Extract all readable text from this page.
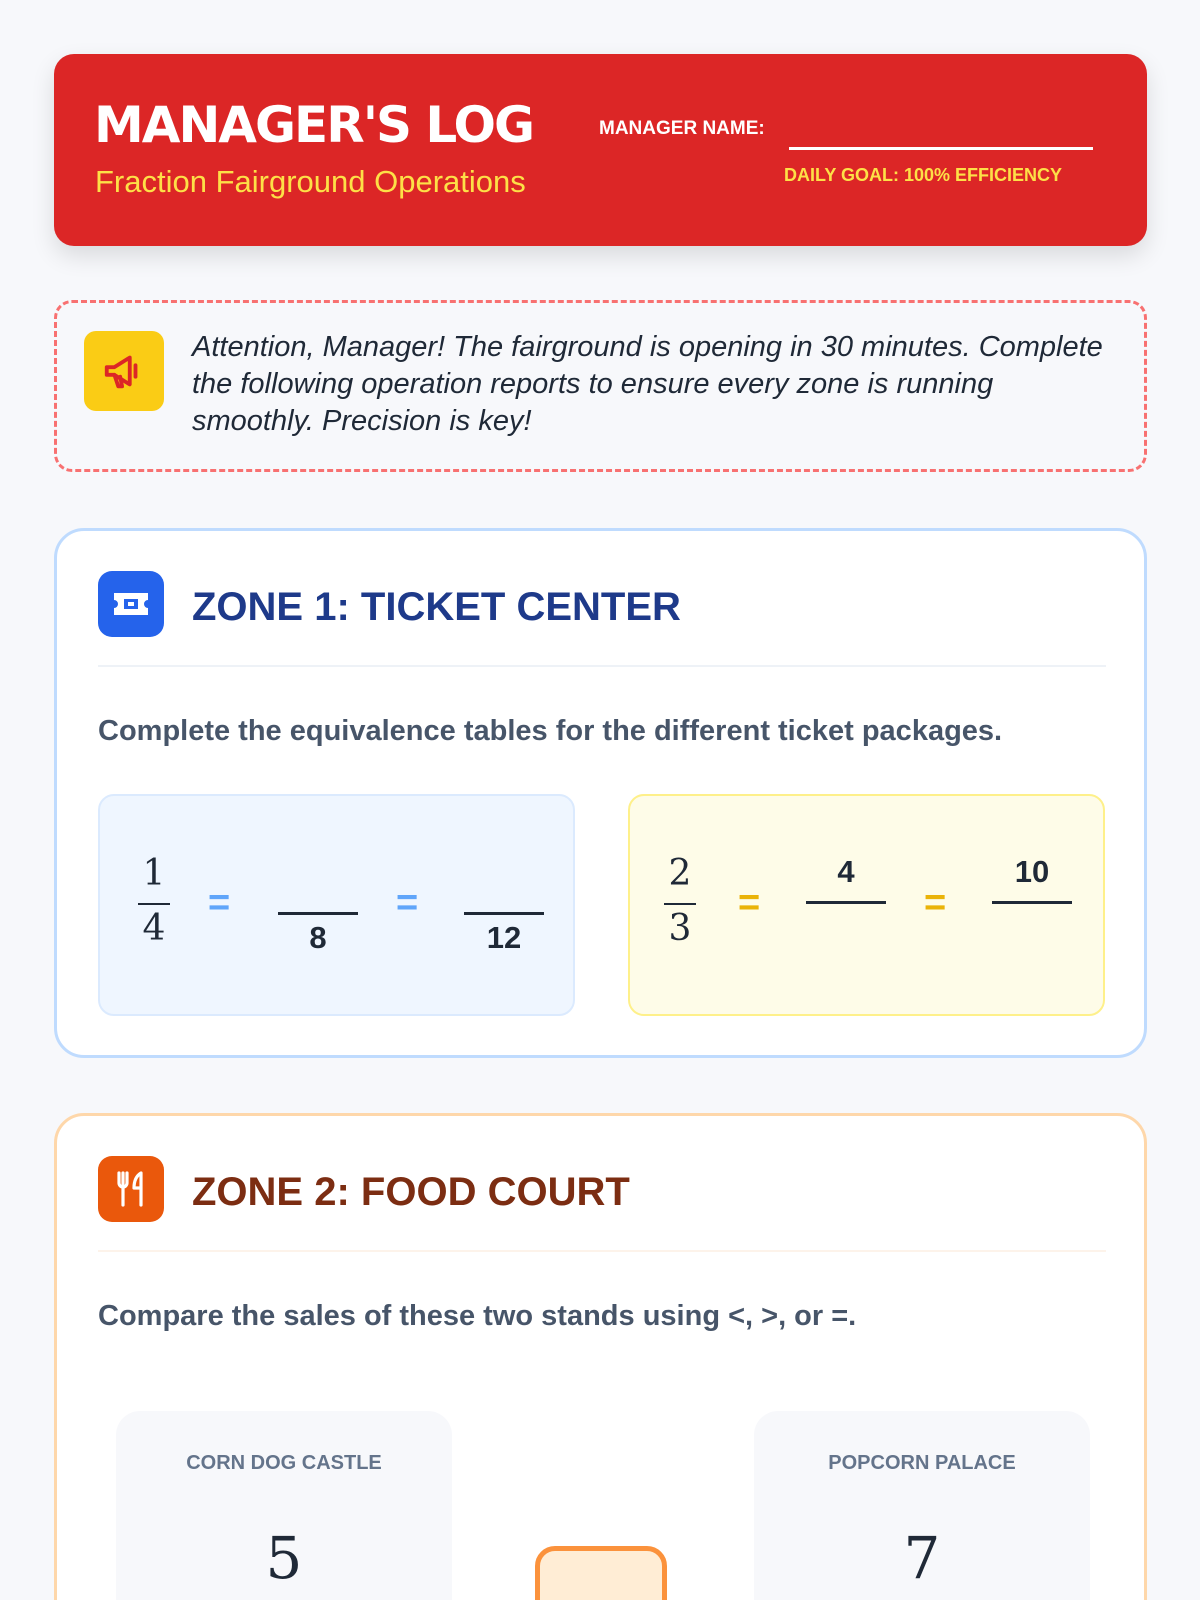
MANAGER'S LOG
Fraction Fairground Operations
MANAGER NAME:
DAILY GOAL: 100% EFFICIENCY
Attention, Manager! The fairground is opening in 30 minutes. Complete the following operation reports to ensure every zone is running smoothly. Precision is key!
ZONE 1: TICKET CENTER
Complete the equivalence tables for the different ticket packages.
1
4
=
8
=
12
2
3
=
4
=
10
ZONE 2: FOOD COURT
Compare the sales of these two stands using <, >, or =.
CORN DOG CASTLE
5
POPCORN PALACE
7
